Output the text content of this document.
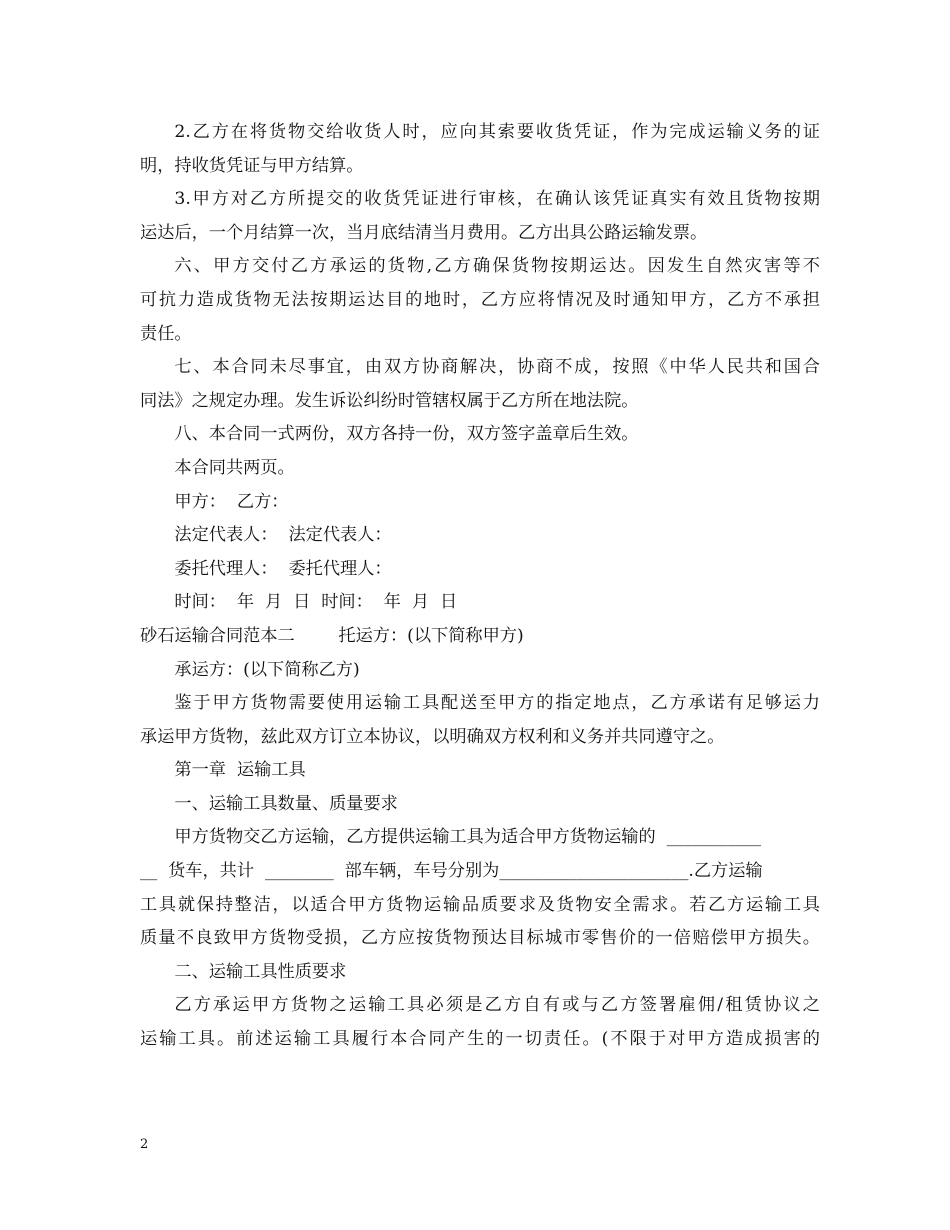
2.乙方在将货物交给收货人时，应向其索要收货凭证，作为完成运输义务的证

明，持收货凭证与甲方结算。

3.甲方对乙方所提交的收货凭证进行审核，在确认该凭证真实有效且货物按期

运达后，一个月结算一次，当月底结清当月费用。乙方出具公路运输发票。

六、甲方交付乙方承运的货物,乙方确保货物按期运达。因发生自然灾害等不

可抗力造成货物无法按期运达目的地时，乙方应将情况及时通知甲方，乙方不承担

责任。

七、本合同未尽事宜，由双方协商解决，协商不成，按照《中华人民共和国合

同法》之规定办理。发生诉讼纠纷时管辖权属于乙方所在地法院。

八、本合同一式两份，双方各持一份，双方签字盖章后生效。

本合同共两页。

甲方：  乙方：

法定代表人：  法定代表人：

委托代理人：  委托代理人：

时间：  年  月  日  时间：  年  月  日

砂石运输合同范本二        托运方：(以下简称甲方)

承运方：(以下简称乙方)

鉴于甲方货物需要使用运输工具配送至甲方的指定地点，乙方承诺有足够运力

承运甲方货物，兹此双方订立本协议，以明确双方权利和义务并共同遵守之。

第一章  运输工具

一、运输工具数量、质量要求

甲方货物交乙方运输，乙方提供运输工具为适合甲方货物运输的  ___________

__  货车，共计  ________  部车辆，车号分别为______________________.乙方运输

工具就保持整洁，以适合甲方货物运输品质要求及货物安全需求。若乙方运输工具

质量不良致甲方货物受损，乙方应按货物预达目标城市零售价的一倍赔偿甲方损失。

二、运输工具性质要求

乙方承运甲方货物之运输工具必须是乙方自有或与乙方签署雇佣/租赁协议之

运输工具。前述运输工具履行本合同产生的一切责任。(不限于对甲方造成损害的

2
